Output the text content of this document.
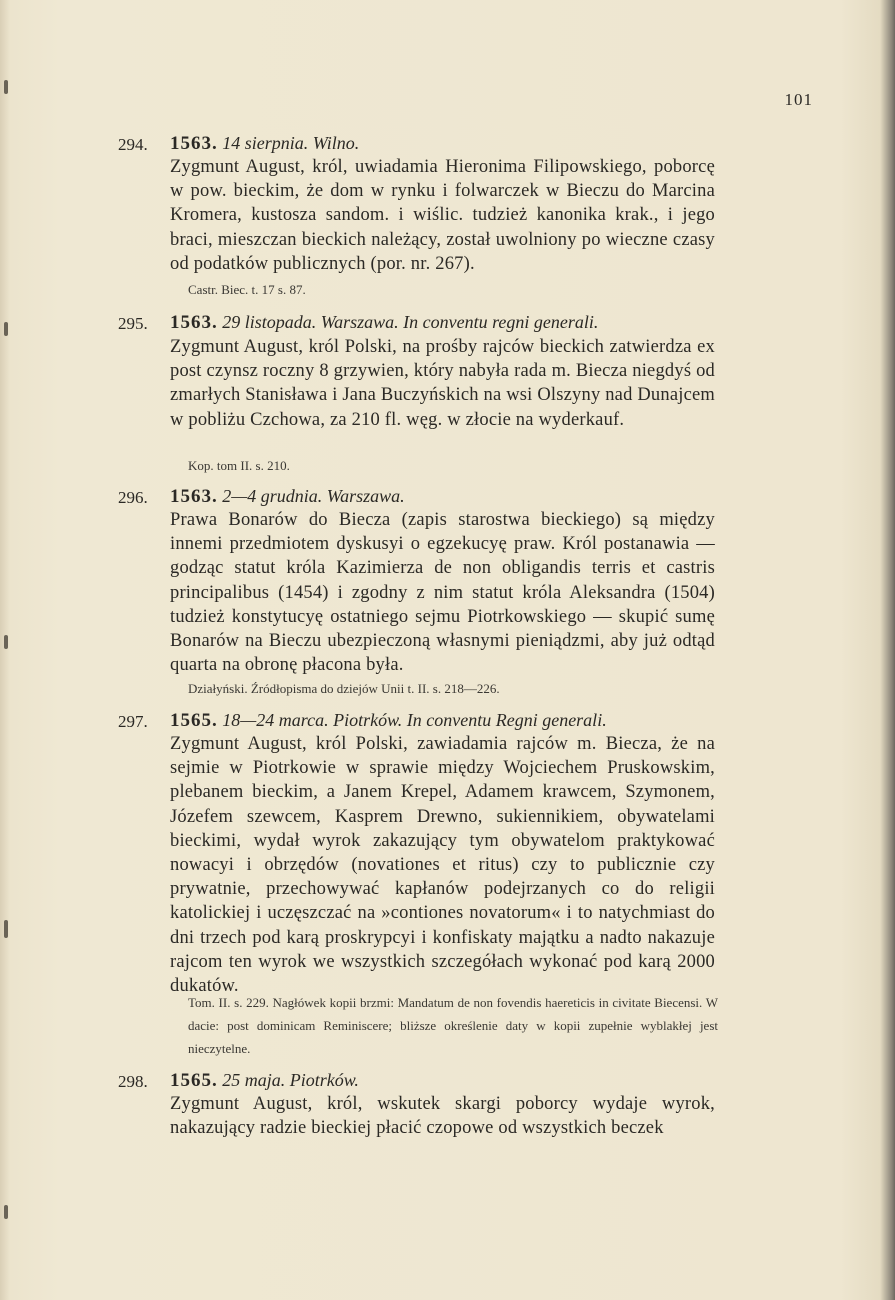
101
294.	1563. 14 sierpnia. Wilno.
Zygmunt August, król, uwiadamia Hieronima Filipowskiego, poborcę w pow. bieckim, że dom w rynku i folwarczek w Bieczu do Marcina Kromera, kustosza sandom. i wiślic. tudzież kanonika krak., i jego braci, mieszczan bieckich należący, został uwolniony po wieczne czasy od podatków publicznych (por. nr. 267).
Castr. Biec. t. 17 s. 87.
295.	1563. 29 listopada. Warszawa. In conventu regni generali.
Zygmunt August, król Polski, na prośby rajców bieckich zatwierdza ex post czynsz roczny 8 grzywien, który nabyła rada m. Biecza niegdyś od zmarłych Stanisława i Jana Buczyńskich na wsi Olszyny nad Dunajcem w pobliżu Czchowa, za 210 fl. węg. w złocie na wyderkauf.
Kop. tom II. s. 210.
296.	1563. 2—4 grudnia. Warszawa.
Prawa Bonarów do Biecza (zapis starostwa bieckiego) są między innemi przedmiotem dyskusyi o egzekucyę praw. Król postanawia — godząc statut króla Kazimierza de non obligandis terris et castris principalibus (1454) i zgodny z nim statut króla Aleksandra (1504) tudzież konstytucyę ostatniego sejmu Piotrkowskiego — skupić sumę Bonarów na Bieczu ubezpieczoną własnymi pieniądzmi, aby już odtąd quarta na obronę płacona była.
Działyński. Źródłopisma do dziejów Unii t. II. s. 218—226.
297.	1565. 18—24 marca. Piotrków. In conventu Regni generali.
Zygmunt August, król Polski, zawiadamia rajców m. Biecza, że na sejmie w Piotrkowie w sprawie między Wojciechem Pruskowskim, plebanem bieckim, a Janem Krepel, Adamem krawcem, Szymonem, Józefem szewcem, Kasprem Drewno, sukiennikiem, obywatelami bieckimi, wydał wyrok zakazujący tym obywatelom praktykować nowacyi i obrzędów (novationes et ritus) czy to publicznie czy prywatnie, przechowywać kapłanów podejrzanych co do religii katolickiej i uczęszczać na »contiones novatorum« i to natychmiast do dni trzech pod karą proskrypcyi i konfiskaty majątku a nadto nakazuje rajcom ten wyrok we wszystkich szczegółach wykonać pod karą 2000 dukatów.
Tom. II. s. 229. Nagłówek kopii brzmi: Mandatum de non fovendis haereticis in civitate Biecensi. W dacie: post dominicam Reminiscere; bliższe określenie daty w kopii zupełnie wyblakłej jest nieczytelne.
298.	1565. 25 maja. Piotrków.
Zygmunt August, król, wskutek skargi poborcy wydaje wyrok, nakazujący radzie bieckiej płacić czopowe od wszystkich beczek
